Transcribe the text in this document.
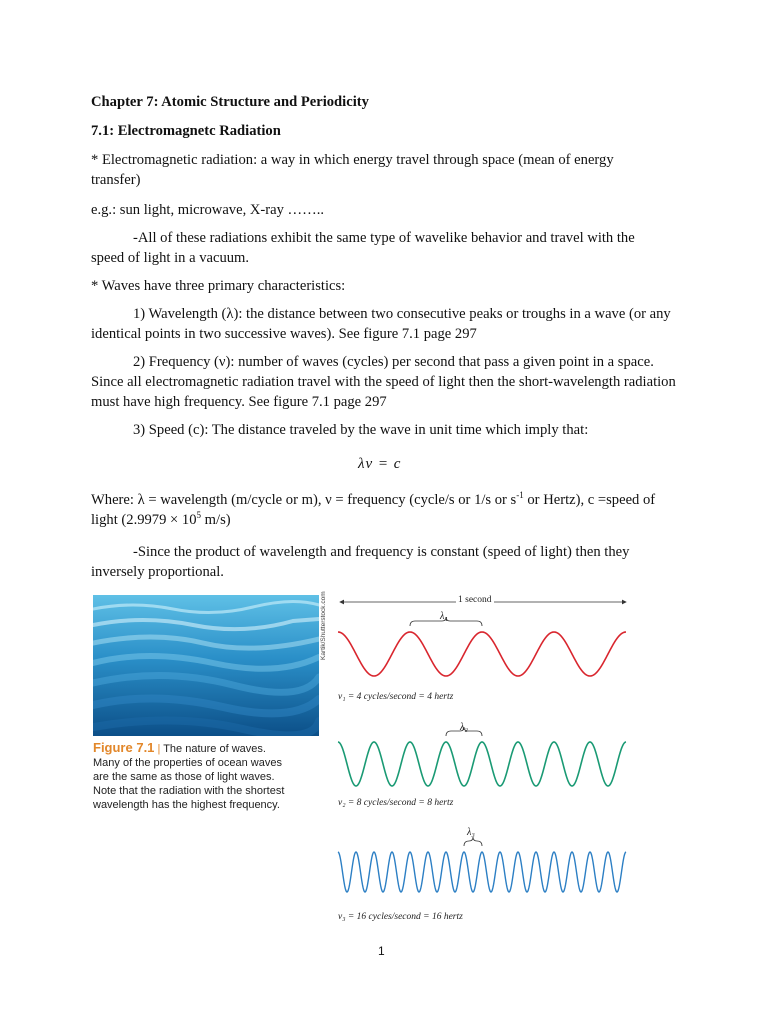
Chapter 7: Atomic Structure and Periodicity
7.1: Electromagnetc Radiation
* Electromagnetic radiation: a way in which energy travel through space (mean of energy transfer)
e.g.: sun light, microwave, X-ray ……..
-All of these radiations exhibit the same type of wavelike behavior and travel with the speed of light in a vacuum.
* Waves have three primary characteristics:
1) Wavelength (λ): the distance between two consecutive peaks or troughs in a wave (or any identical points in two successive waves). See figure 7.1 page 297
2) Frequency (ν): number of waves (cycles) per second that pass a given point in a space. Since all electromagnetic radiation travel with the speed of light then the short-wavelength radiation must have high frequency. See figure 7.1 page 297
3) Speed (c): The distance traveled by the wave in unit time which imply that:
λν = c
Where: λ = wavelength (m/cycle or m), ν = frequency (cycle/s or 1/s or $s^{-1}$ or Hertz), c =speed of light ($2.9979 \times 10^5$ m/s)
-Since the product of wavelength and frequency is constant (speed of light) then they inversely proportional.
Kartik/Shutterstock.com
Figure 7.1 | The nature of waves. Many of the properties of ocean waves are the same as those of light waves. Note that the radiation with the shortest wavelength has the highest frequency.
1 second
λ₁
ν₁ = 4 cycles/second = 4 hertz
λ₂
ν₂ = 8 cycles/second = 8 hertz
λ₃
ν₃ = 16 cycles/second = 16 hertz
1
